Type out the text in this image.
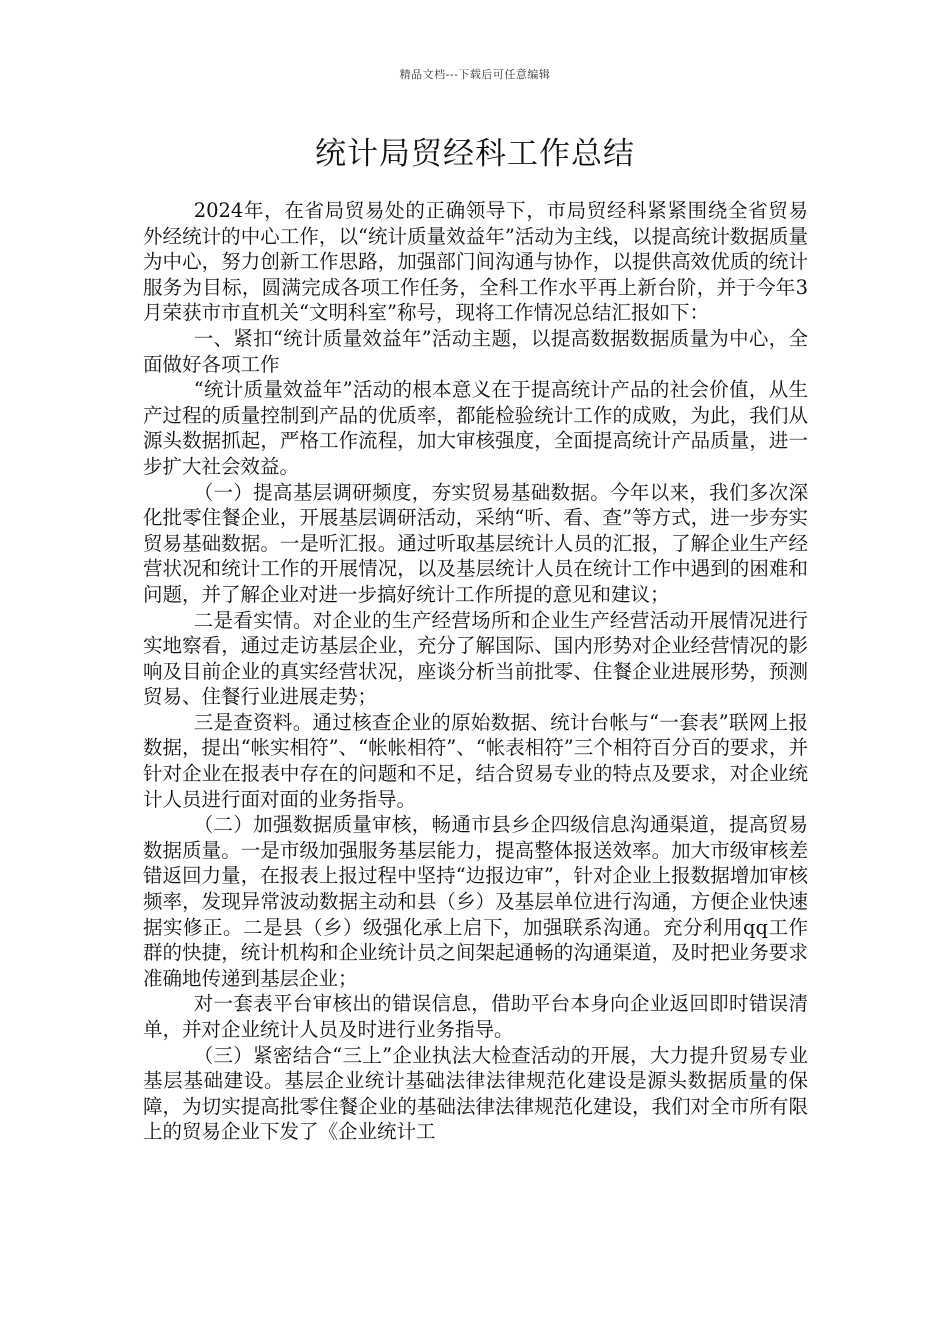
精品文档---下载后可任意编辑
统计局贸经科工作总结

2024年，在省局贸易处的正确领导下，市局贸经科紧紧围绕全省贸易外经统计的中心工作，以“统计质量效益年”活动为主线，以提高统计数据质量为中心，努力创新工作思路，加强部门间沟通与协作，以提供高效优质的统计服务为目标，圆满完成各项工作任务，全科工作水平再上新台阶，并于今年3月荣获市市直机关“文明科室”称号，现将工作情况总结汇报如下：

一、紧扣“统计质量效益年”活动主题，以提高数据数据质量为中心，全面做好各项工作

“统计质量效益年”活动的根本意义在于提高统计产品的社会价值，从生产过程的质量控制到产品的优质率，都能检验统计工作的成败，为此，我们从源头数据抓起，严格工作流程，加大审核强度，全面提高统计产品质量，进一步扩大社会效益。

（一）提高基层调研频度，夯实贸易基础数据。今年以来，我们多次深化批零住餐企业，开展基层调研活动，采纳“听、看、查”等方式，进一步夯实贸易基础数据。一是听汇报。通过听取基层统计人员的汇报，了解企业生产经营状况和统计工作的开展情况，以及基层统计人员在统计工作中遇到的困难和问题，并了解企业对进一步搞好统计工作所提的意见和建议；

二是看实情。对企业的生产经营场所和企业生产经营活动开展情况进行实地察看，通过走访基层企业，充分了解国际、国内形势对企业经营情况的影响及目前企业的真实经营状况，座谈分析当前批零、住餐企业进展形势，预测贸易、住餐行业进展走势；

三是查资料。通过核查企业的原始数据、统计台帐与“一套表”联网上报数据，提出“帐实相符”、“帐帐相符”、“帐表相符”三个相符百分百的要求，并针对企业在报表中存在的问题和不足，结合贸易专业的特点及要求，对企业统计人员进行面对面的业务指导。

（二）加强数据质量审核，畅通市县乡企四级信息沟通渠道，提高贸易数据质量。一是市级加强服务基层能力，提高整体报送效率。加大市级审核差错返回力量，在报表上报过程中坚持“边报边审”，针对企业上报数据增加审核频率，发现异常波动数据主动和县（乡）及基层单位进行沟通，方便企业快速据实修正。二是县（乡）级强化承上启下，加强联系沟通。充分利用qq工作群的快捷，统计机构和企业统计员之间架起通畅的沟通渠道，及时把业务要求准确地传递到基层企业；

对一套表平台审核出的错误信息，借助平台本身向企业返回即时错误清单，并对企业统计人员及时进行业务指导。

（三）紧密结合“三上”企业执法大检查活动的开展，大力提升贸易专业基层基础建设。基层企业统计基础法律法律规范化建设是源头数据质量的保障，为切实提高批零住餐企业的基础法律法律规范化建设，我们对全市所有限上的贸易企业下发了《企业统计工
